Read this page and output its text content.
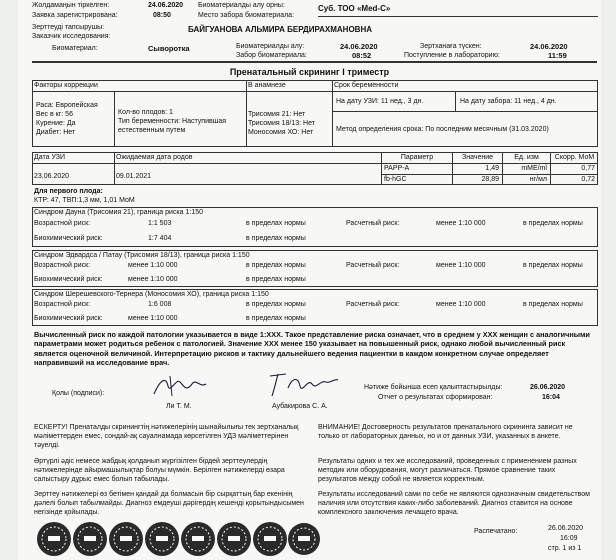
Жолдамаңын тіркелген:	24.06.2020
Заявка зарегистрирована:	08:50
Биоматериалды алу орны:
Место забора биоматериала:
Суб. ТОО «Med-C»
Зерттеуді тапсырушы:
Заказчик исследования:
БАЙГУАНОВА АЛЬМИРА БЕРДИРАХМАНОВНА
Биоматериал:	Сыворотка	Биоматериалды алу:
Забор биоматериала:
24.06.2020
08:52
Зертханаға түскен:
Поступление в лабораторию:
24.06.2020
11:59
Пренатальный скрининг I триместр
Факторы коррекции	В анамнезе	Срок беременности
Раса: Европейская
Вес в кг: 56
Курение: Да
Диабет: Нет
Кол-во плодов: 1
Тип беременности: Наступившая естественным путем
Трисомия 21: Нет
Трисомия 18/13: Нет
Моносомия ХО: Нет
На дату УЗИ: 11 нед., 3 дн.	На дату забора: 11 нед., 4 дн.
Метод определения срока: По последним месячным (31.03.2020)
Дата УЗИ	Ожидаемая дата родов
23.06.2020	09.01.2021
Параметр	Значение	Ед. изм	Скорр. МоМ
PAPP-A	1,49	mME/ml	0,77
fb-hGC	28,89	нг/мл	0,72
Для первого плода:
КТР: 47, ТВП:1,3 мм, 1,01 МоМ
Синдром Дауна (Трисомия 21), граница риска 1:150
Возрастной риск:	1:1 503	в пределах нормы	Расчетный риск:	менее 1:10 000	в пределах нормы
Биохимический риск:	1:7 404	в пределах нормы
Синдром Эдвардса / Патау (Трисомия 18/13), граница риска 1:150
Возрастной риск:	менее 1:10 000	в пределах нормы	Расчетный риск:	менее 1:10 000	в пределах нормы
Биохимический риск:	менее 1:10 000	в пределах нормы
Синдром Шерешевского-Тернера (Моносомия ХО), граница риска 1:150
Возрастной риск:	1:6 008	в пределах нормы	Расчетный риск:	менее 1:10 000	в пределах нормы
Биохимический риск:	менее 1:10 000	в пределах нормы
Вычисленный риск по каждой патологии указывается в виде 1:XXX. Такое представление риска означает, что в среднем у XXX женщин с аналогичными параметрами может родиться ребенок с патологией. Значение XXX менее 150 указывает на повышенный риск, однако любой вычисленный риск является оценочной величиной. Интерпретацию рисков и тактику дальнейшего ведения пациентки в каждом конкретном случае определяет направивший на исследование врач.
Қолы (подписи):
Ли Т. М.	Аубакирова С. А.
Нәтиже бойынша есеп қалыптастырылды:
Отчет о результатах сформирован:
26.06.2020
16:04
ЕСКЕРТУ! Пренаталды скринингтің нәтижелерінің шынайылығы тек зертханалық мәлiметтерден емес, сондай-ақ сауалнамада көрсетілген УДЗ мәлiметтерiнен тәуелді.
Әртүрлі әдіс немесе жабдық қолданып жүргізілген бірдей зерттеулердің нәтижелерінде айырмашылықтар болуы мүмкін. Берілген нәтижелерді өзара салыстыру дұрыс емес болып табылады.
Зерттеу нәтижелері өз бетімен қандай да болмасын бір сырқаттың бар екенінің дәлелі болып табылмайды. Диагноз емдеуші дәрігердің кешенді қорытындысымен негізінде қойылады.
ВНИМАНИЕ! Достоверность результатов пренатального скрининга зависит не только от лабораторных данных, но и от данных УЗИ, указанных в анкете.
Результаты одних и тех же исследований, проведенных с применением разных методик или оборудования, могут различаться. Прямое сравнение таких результатов между собой не является корректным.
Результаты исследований сами по себе не являются однозначным свидетельством наличия или отсутствия каких-либо заболеваний. Диагноз ставится на основе комплексного заключения лечащего врача.
Распечатано:	26.06.2020
16:09
стр. 1 из 1
